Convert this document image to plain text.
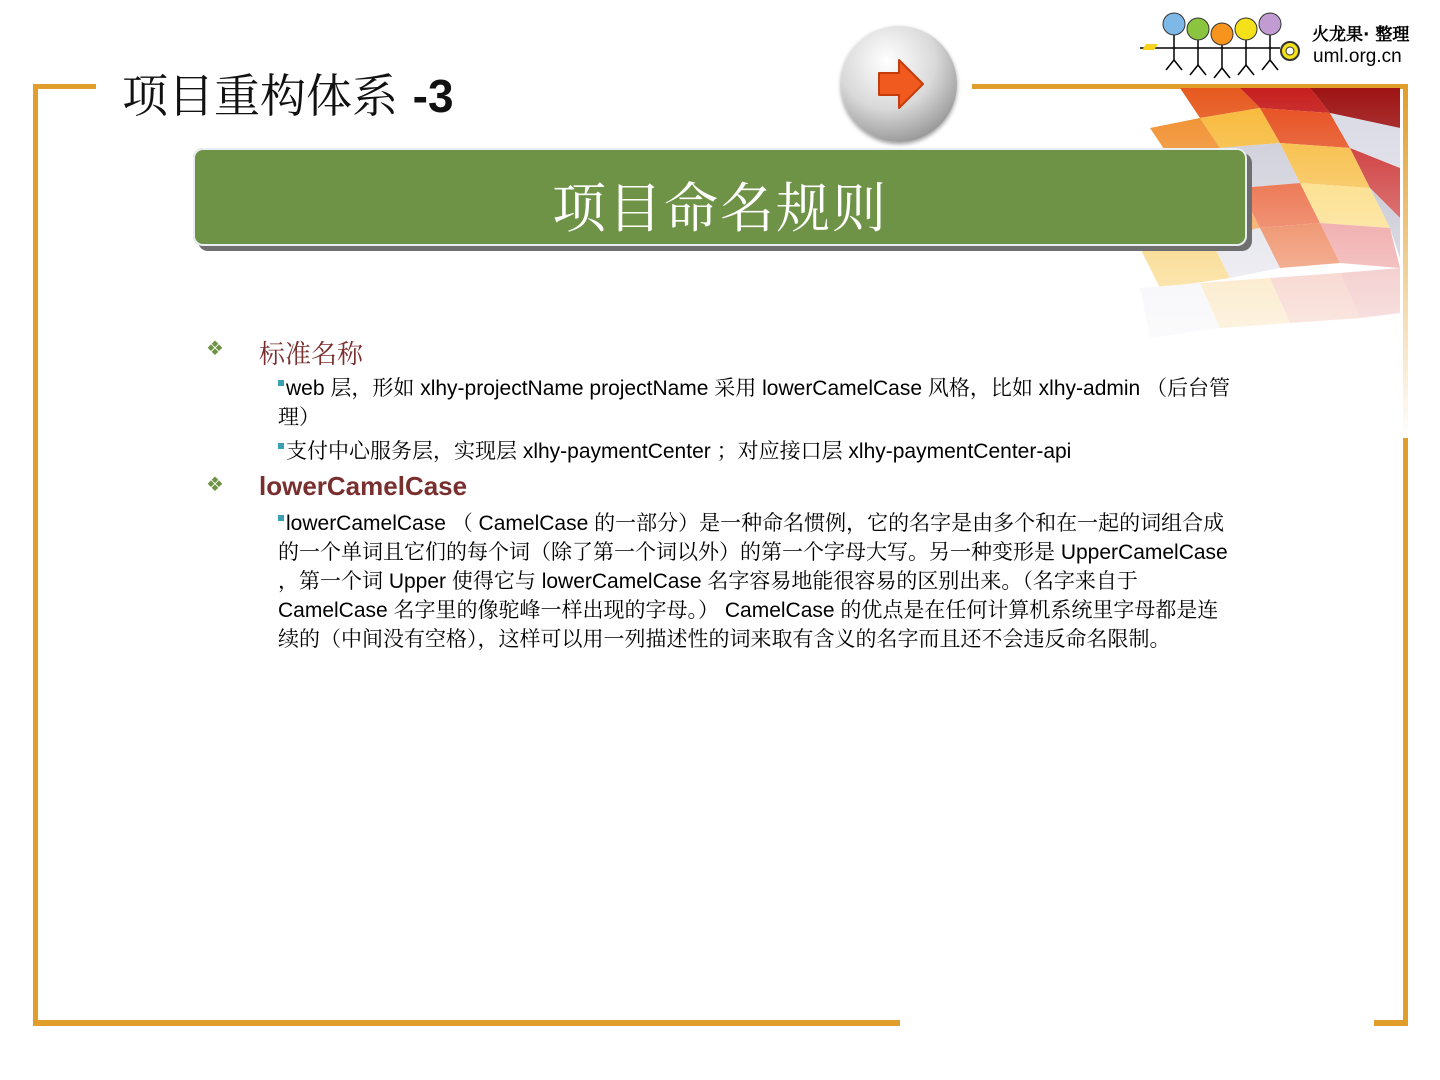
火龙果· 整理
uml.org.cn
项目重构体系 -3
项目命名规则
❖ 标准名称
web 层，形如 xlhy-projectName projectName 采用 lowerCamelCase 风格，比如 xlhy-admin （后台管理）
支付中心服务层，实现层 xlhy-paymentCenter ；对应接口层 xlhy-paymentCenter-api
❖ lowerCamelCase
lowerCamelCase （ CamelCase 的一部分）是一种命名惯例，它的名字是由多个和在一起的词组合成的一个单词且它们的每个词（除了第一个词以外）的第一个字母大写。另一种变形是 UpperCamelCase ，第一个词 Upper 使得它与 lowerCamelCase 名字容易地能很容易的区别出来。（名字来自于 CamelCase 名字里的像驼峰一样出现的字母。） CamelCase 的优点是在任何计算机系统里字母都是连续的（中间没有空格），这样可以用一列描述性的词来取有含义的名字而且还不会违反命名限制。
